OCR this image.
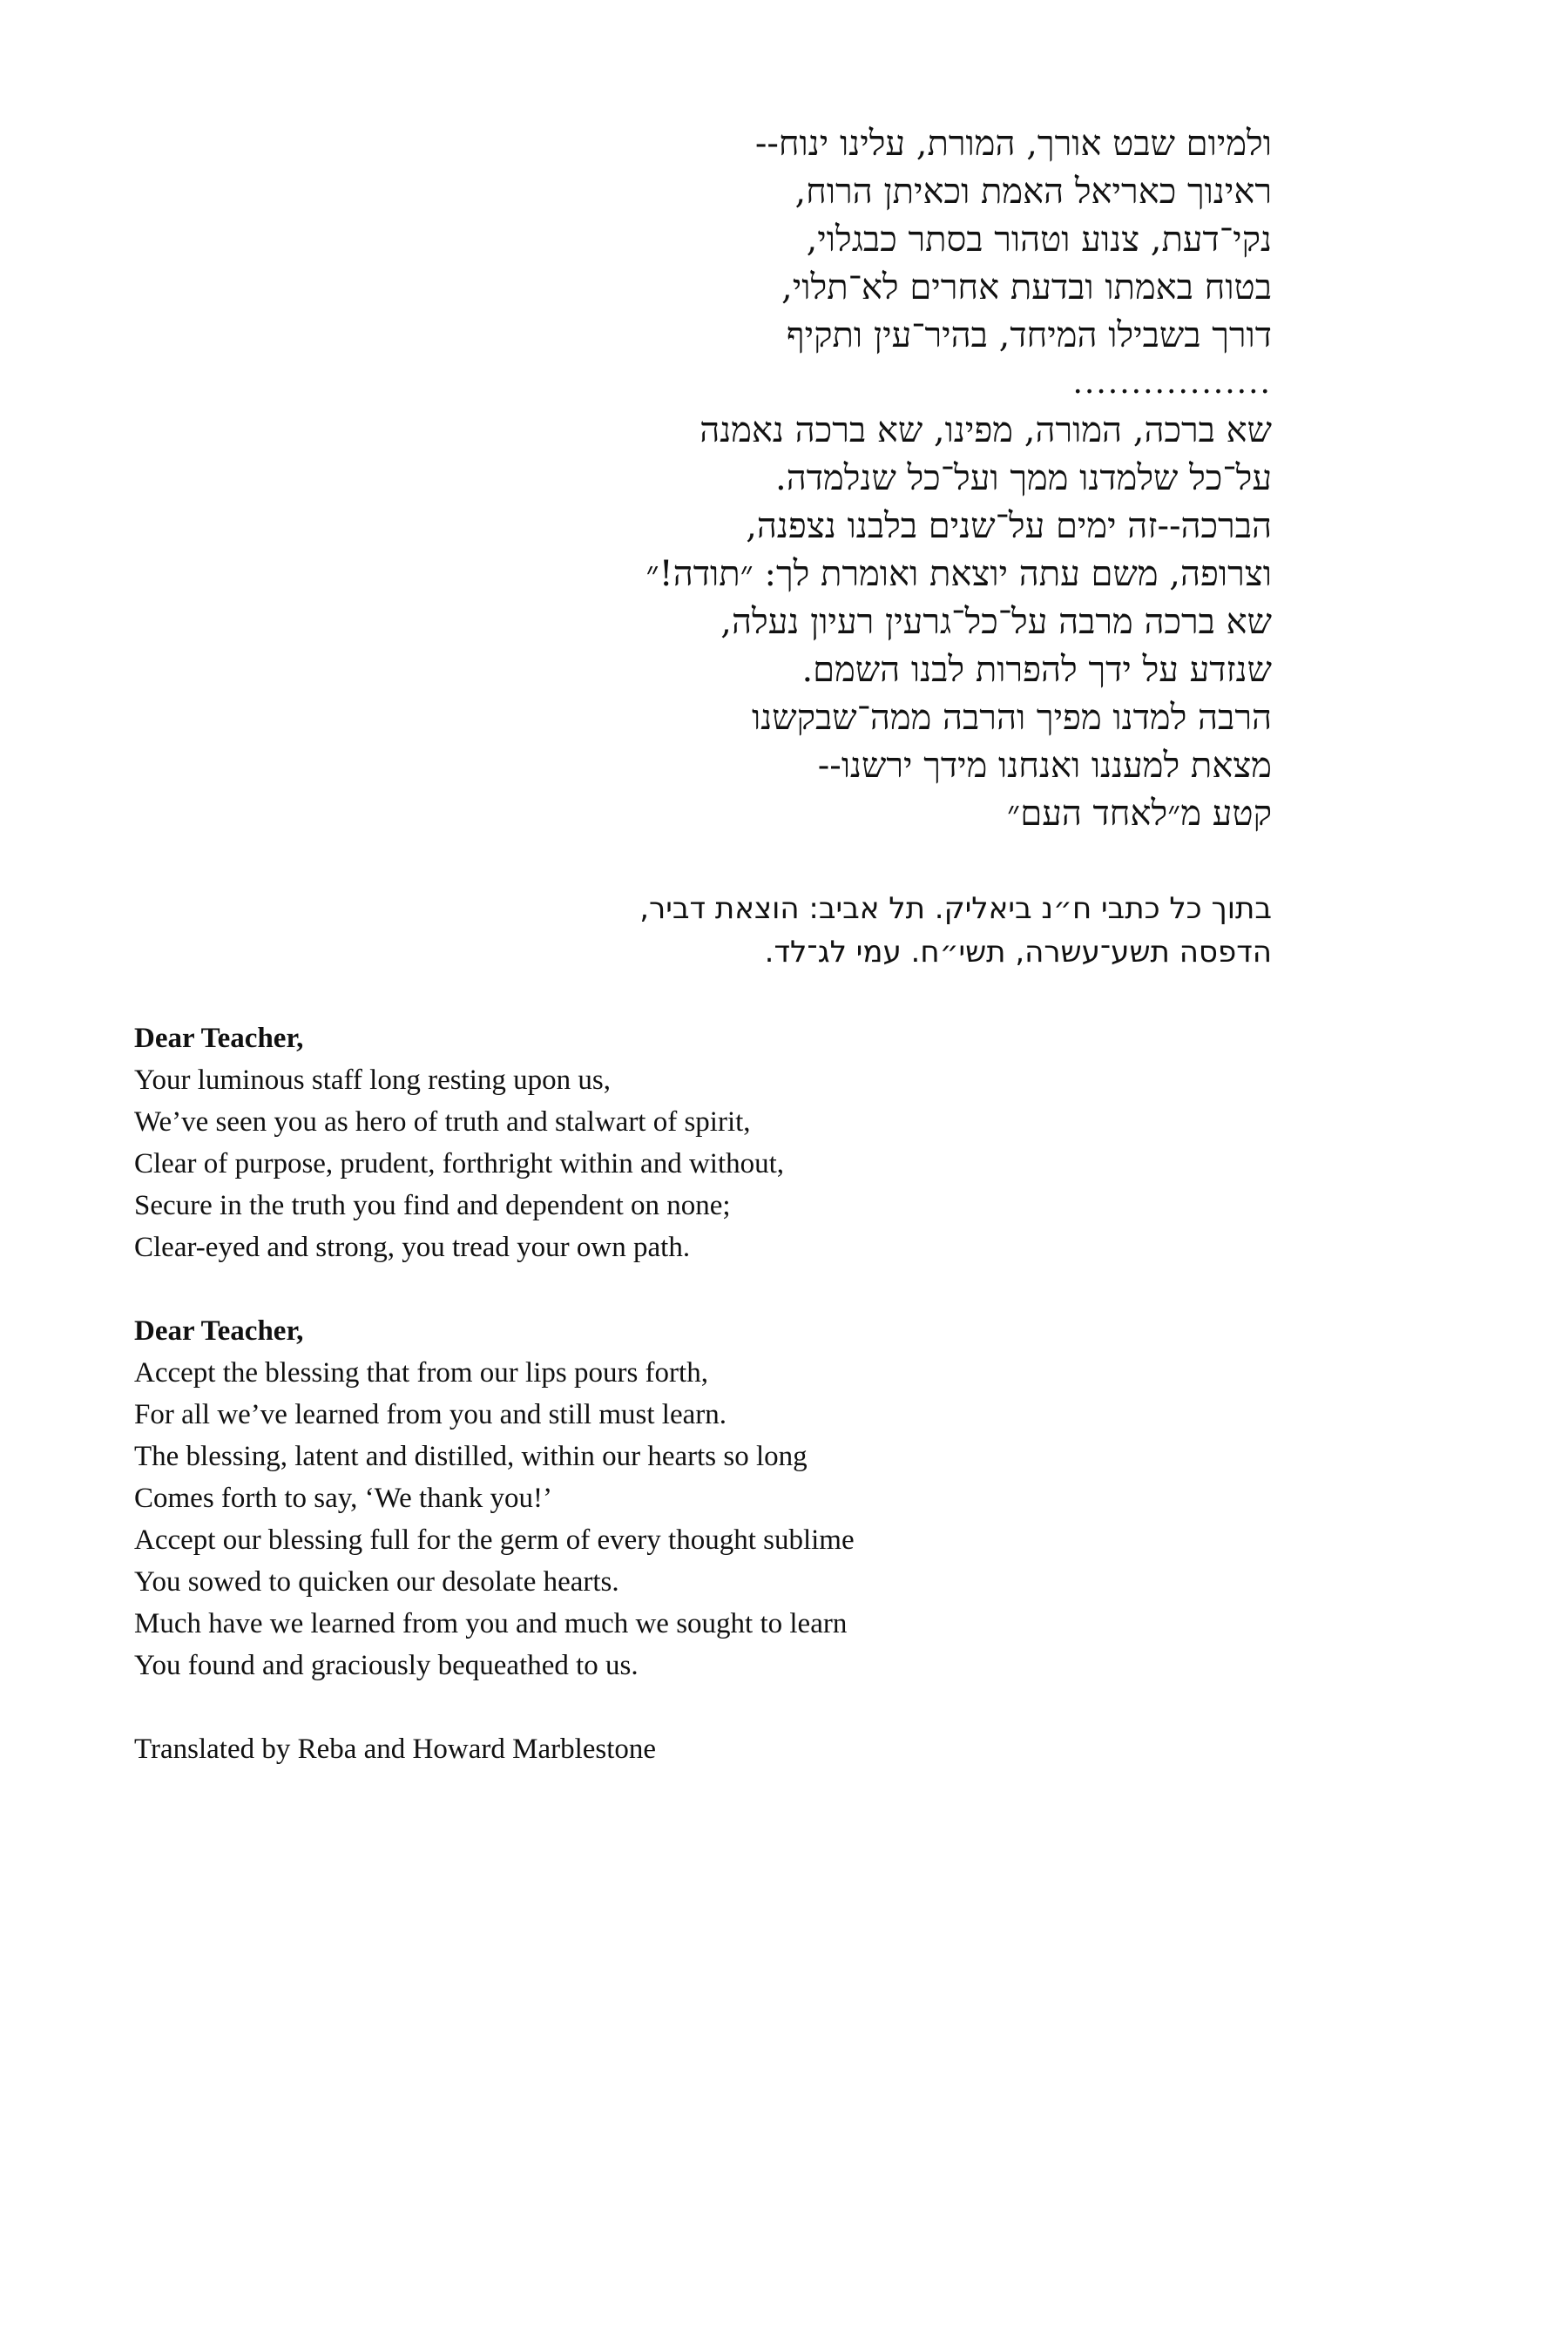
ולמיום שבט אורך, המורת, עלינו ינוח--
ראינוך כאריאל האמת וכאיתן הרוח,
נקי־דעת, צנוע וטהור בסתר כבגלוי,
בטוח באמתו ובדעת אחרים לא־תלוי,
דורך בשבילו המיחד, בהיר־עין ותקיף
.................
שא ברכה, המורה, מפינו, שא ברכה נאמנה
על־כל שלמדנו ממך ועל־כל שנלמדה.
הברכה--זה ימים על־שנים בלבנו נצפנה,
וצרופה, משם עתה יוצאת ואומרת לך: ״תודה!״
שא ברכה מרבה על־כל־גרעין רעיון נעלה,
שנזדע על ידך להפרות לבנו השמם.
הרבה למדנו מפיך והרבה ממה־שבקשנו
מצאת למעננו ואנחנו מידך ירשנו--
קטע מ״לאחד העם״
בתוך כל כתבי ח״נ ביאליק. תל אביב: הוצאת דביר,
הדפסה תשע־עשרה, תשי״ח. עמי לג־לד.
Dear Teacher,
Your luminous staff long resting upon us,
We’ve seen you as hero of truth and stalwart of spirit,
Clear of purpose, prudent, forthright within and without,
Secure in the truth you find and dependent on none;
Clear-eyed and strong, you tread your own path.
Dear Teacher,
Accept the blessing that from our lips pours forth,
For all we’ve learned from you and still must learn.
The blessing, latent and distilled, within our hearts so long
Comes forth to say, ‘We thank you!’
Accept our blessing full for the germ of every thought sublime
You sowed to quicken our desolate hearts.
Much have we learned from you and much we sought to learn
You found and graciously bequeathed to us.
Translated by Reba and Howard Marblestone
